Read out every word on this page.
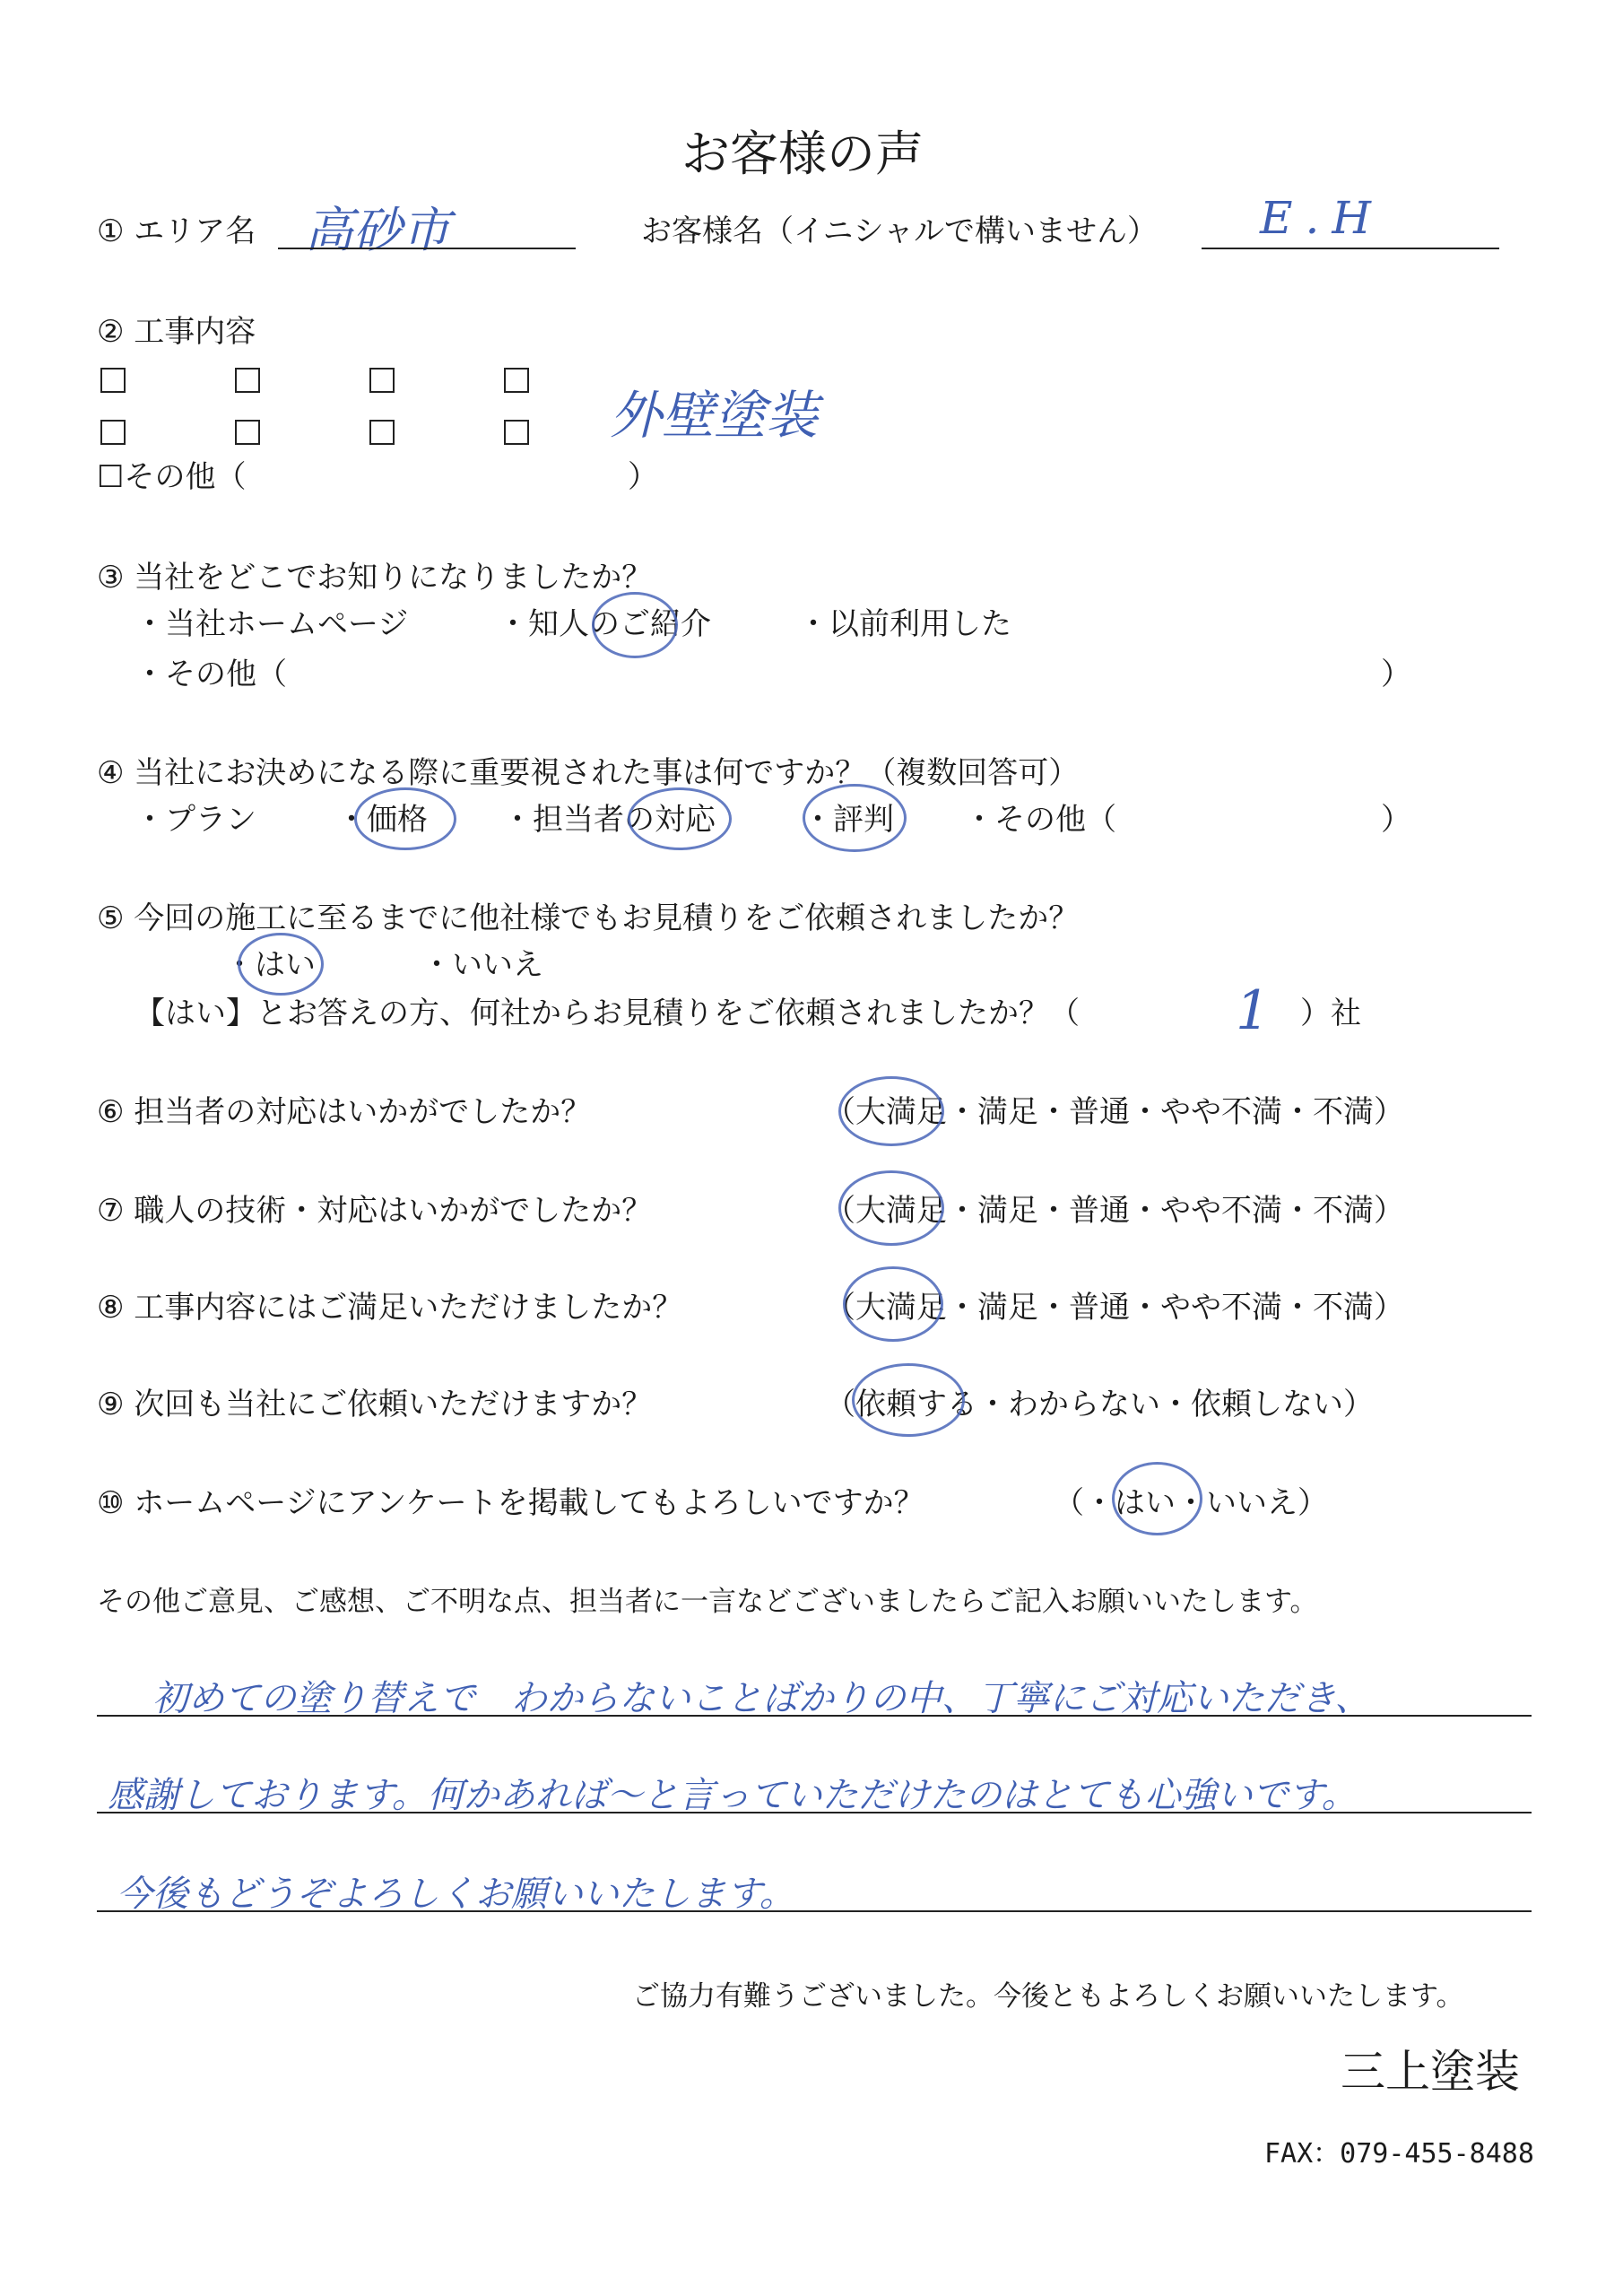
お客様の声
① エリア名 高砂市	お客様名（イニシャルで構いません） E.H
② 工事内容
外壁塗装
☐その他（	）
③ 当社をどこでお知りになりましたか？
・当社ホームページ	・知人のご紹介	・以前利用した
・その他（	）
④ 当社にお決めになる際に重要視された事は何ですか？（複数回答可）
・プラン	・価格 ・担当者の対応	・評判 ・その他（	）
⑤ 今回の施工に至るまでに他社様でもお見積りをご依頼されましたか？
・はい	・いいえ
【はい】とお答えの方、何社からお見積りをご依頼されましたか？（	1 ）社
⑥ 担当者の対応はいかがでしたか？	（大満足・満足・普通・やや不満・不満）
⑦ 職人の技術・対応はいかがでしたか？	（大満足・満足・普通・やや不満・不満）
⑧ 工事内容にはご満足いただけましたか？	（大満足・満足・普通・やや不満・不満）
⑨ 次回も当社にご依頼いただけますか？	（依頼する・わからない・依頼しない）
⑩ ホームページにアンケートを掲載してもよろしいですか？	（・はい・いいえ）
その他ご意見、ご感想、ご不明な点、担当者に一言などございましたらご記入お願いいたします。
初めての塗り替えで　わからないことばかりの中、丁寧にご対応いただき、
感謝しております。何かあれば〜と言っていただけたのはとても心強いです。
今後もどうぞよろしくお願いいたします。
ご協力有難うございました。今後ともよろしくお願いいたします。
三上塗装
FAX：079-455-8488
